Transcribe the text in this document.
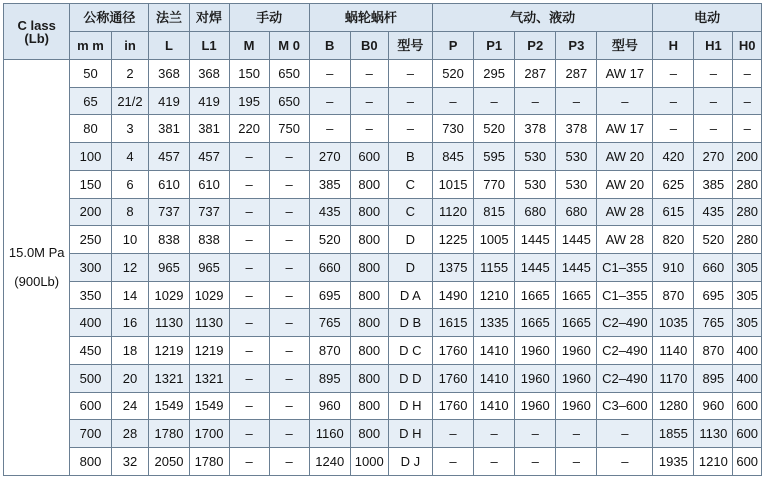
C lass
(Lb)	公称通径		法兰	对焊	手动		蜗轮蜗杆			气动、液动					电动		
	m m	in	L	L1	M	M 0	B	B0	型号	P	P1	P2	P3	型号	H	H1	H0

15.0M Pa
(900Lb)	50	2	368	368	150	650	–	–	–	520	295	287	287	AW 17	–	–	–
	65	21/2	419	419	195	650	–	–	–	–	–	–	–	–	–	–	–
	80	3	381	381	220	750	–	–	–	730	520	378	378	AW 17	–	–	–
	100	4	457	457	–	–	270	600	B	845	595	530	530	AW 20	420	270	200
	150	6	610	610	–	–	385	800	C	1015	770	530	530	AW 20	625	385	280
	200	8	737	737	–	–	435	800	C	1120	815	680	680	AW 28	615	435	280
	250	10	838	838	–	–	520	800	D	1225	1005	1445	1445	AW 28	820	520	280
	300	12	965	965	–	–	660	800	D	1375	1155	1445	1445	C1–355	910	660	305
	350	14	1029	1029	–	–	695	800	D A	1490	1210	1665	1665	C1–355	870	695	305
	400	16	1130	1130	–	–	765	800	D B	1615	1335	1665	1665	C2–490	1035	765	305
	450	18	1219	1219	–	–	870	800	D C	1760	1410	1960	1960	C2–490	1140	870	400
	500	20	1321	1321	–	–	895	800	D D	1760	1410	1960	1960	C2–490	1170	895	400
	600	24	1549	1549	–	–	960	800	D H	1760	1410	1960	1960	C3–600	1280	960	600
	700	28	1780	1700	–	–	1160	800	D H	–	–	–	–	–	1855	1130	600
	800	32	2050	1780	–	–	1240	1000	D J	–	–	–	–	–	1935	1210	600
